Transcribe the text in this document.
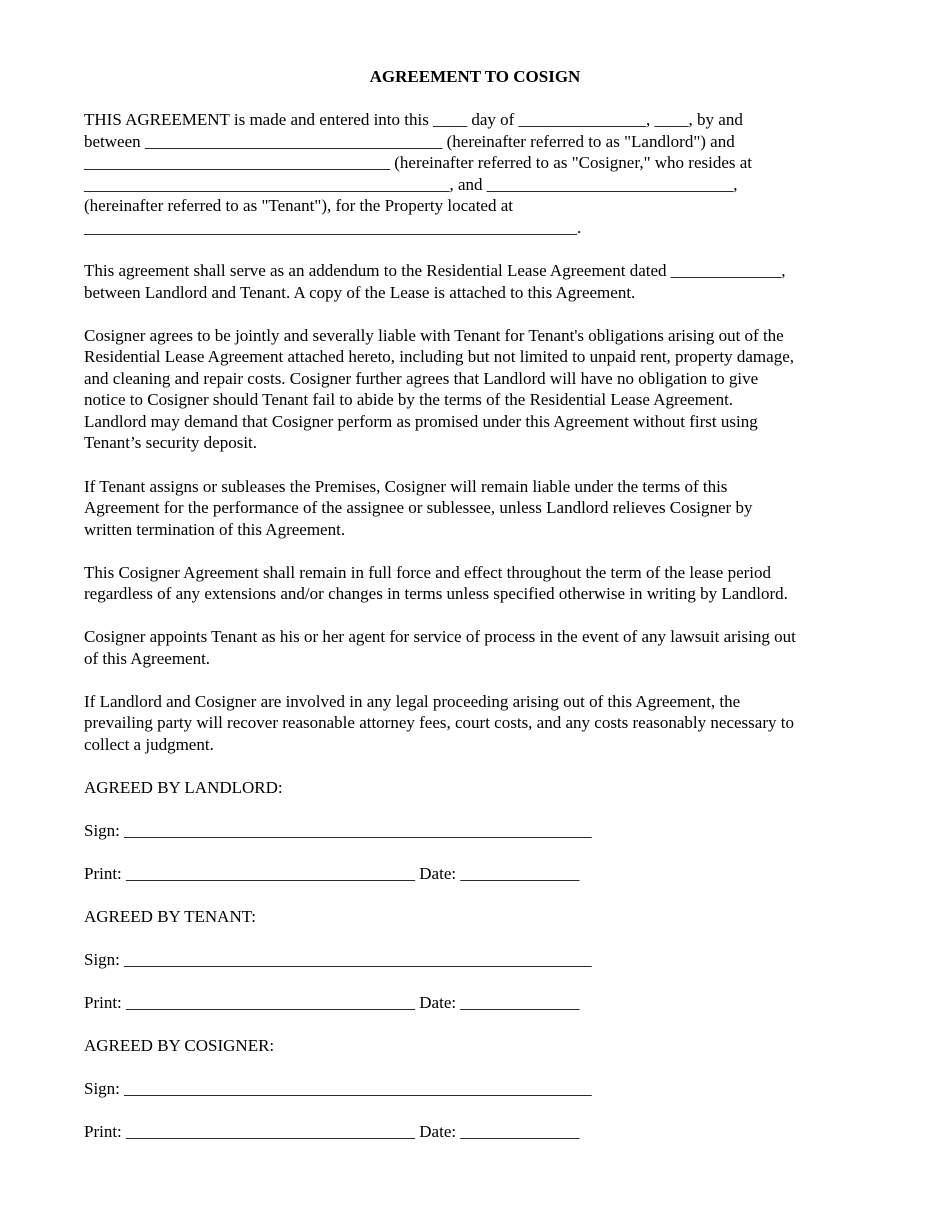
AGREEMENT TO COSIGN

THIS AGREEMENT is made and entered into this ____ day of _______________, ____, by and

between ___________________________________ (hereinafter referred to as "Landlord") and

____________________________________ (hereinafter referred to as "Cosigner," who resides at

___________________________________________, and _____________________________,

(hereinafter referred to as "Tenant"), for the Property located at

__________________________________________________________.

This agreement shall serve as an addendum to the Residential Lease Agreement dated _____________,

between Landlord and Tenant. A copy of the Lease is attached to this Agreement.

Cosigner agrees to be jointly and severally liable with Tenant for Tenant's obligations arising out of the

Residential Lease Agreement attached hereto, including but not limited to unpaid rent, property damage,

and cleaning and repair costs. Cosigner further agrees that Landlord will have no obligation to give

notice to Cosigner should Tenant fail to abide by the terms of the Residential Lease Agreement.

Landlord may demand that Cosigner perform as promised under this Agreement without first using

Tenant’s security deposit.

If Tenant assigns or subleases the Premises, Cosigner will remain liable under the terms of this

Agreement for the performance of the assignee or sublessee, unless Landlord relieves Cosigner by

written termination of this Agreement.

This Cosigner Agreement shall remain in full force and effect throughout the term of the lease period

regardless of any extensions and/or changes in terms unless specified otherwise in writing by Landlord.

Cosigner appoints Tenant as his or her agent for service of process in the event of any lawsuit arising out

of this Agreement.

If Landlord and Cosigner are involved in any legal proceeding arising out of this Agreement, the

prevailing party will recover reasonable attorney fees, court costs, and any costs reasonably necessary to

collect a judgment.

AGREED BY LANDLORD:

Sign: _______________________________________________________

Print: __________________________________ Date: ______________

AGREED BY TENANT:

Sign: _______________________________________________________

Print: __________________________________ Date: ______________

AGREED BY COSIGNER:

Sign: _______________________________________________________

Print: __________________________________ Date: ______________
